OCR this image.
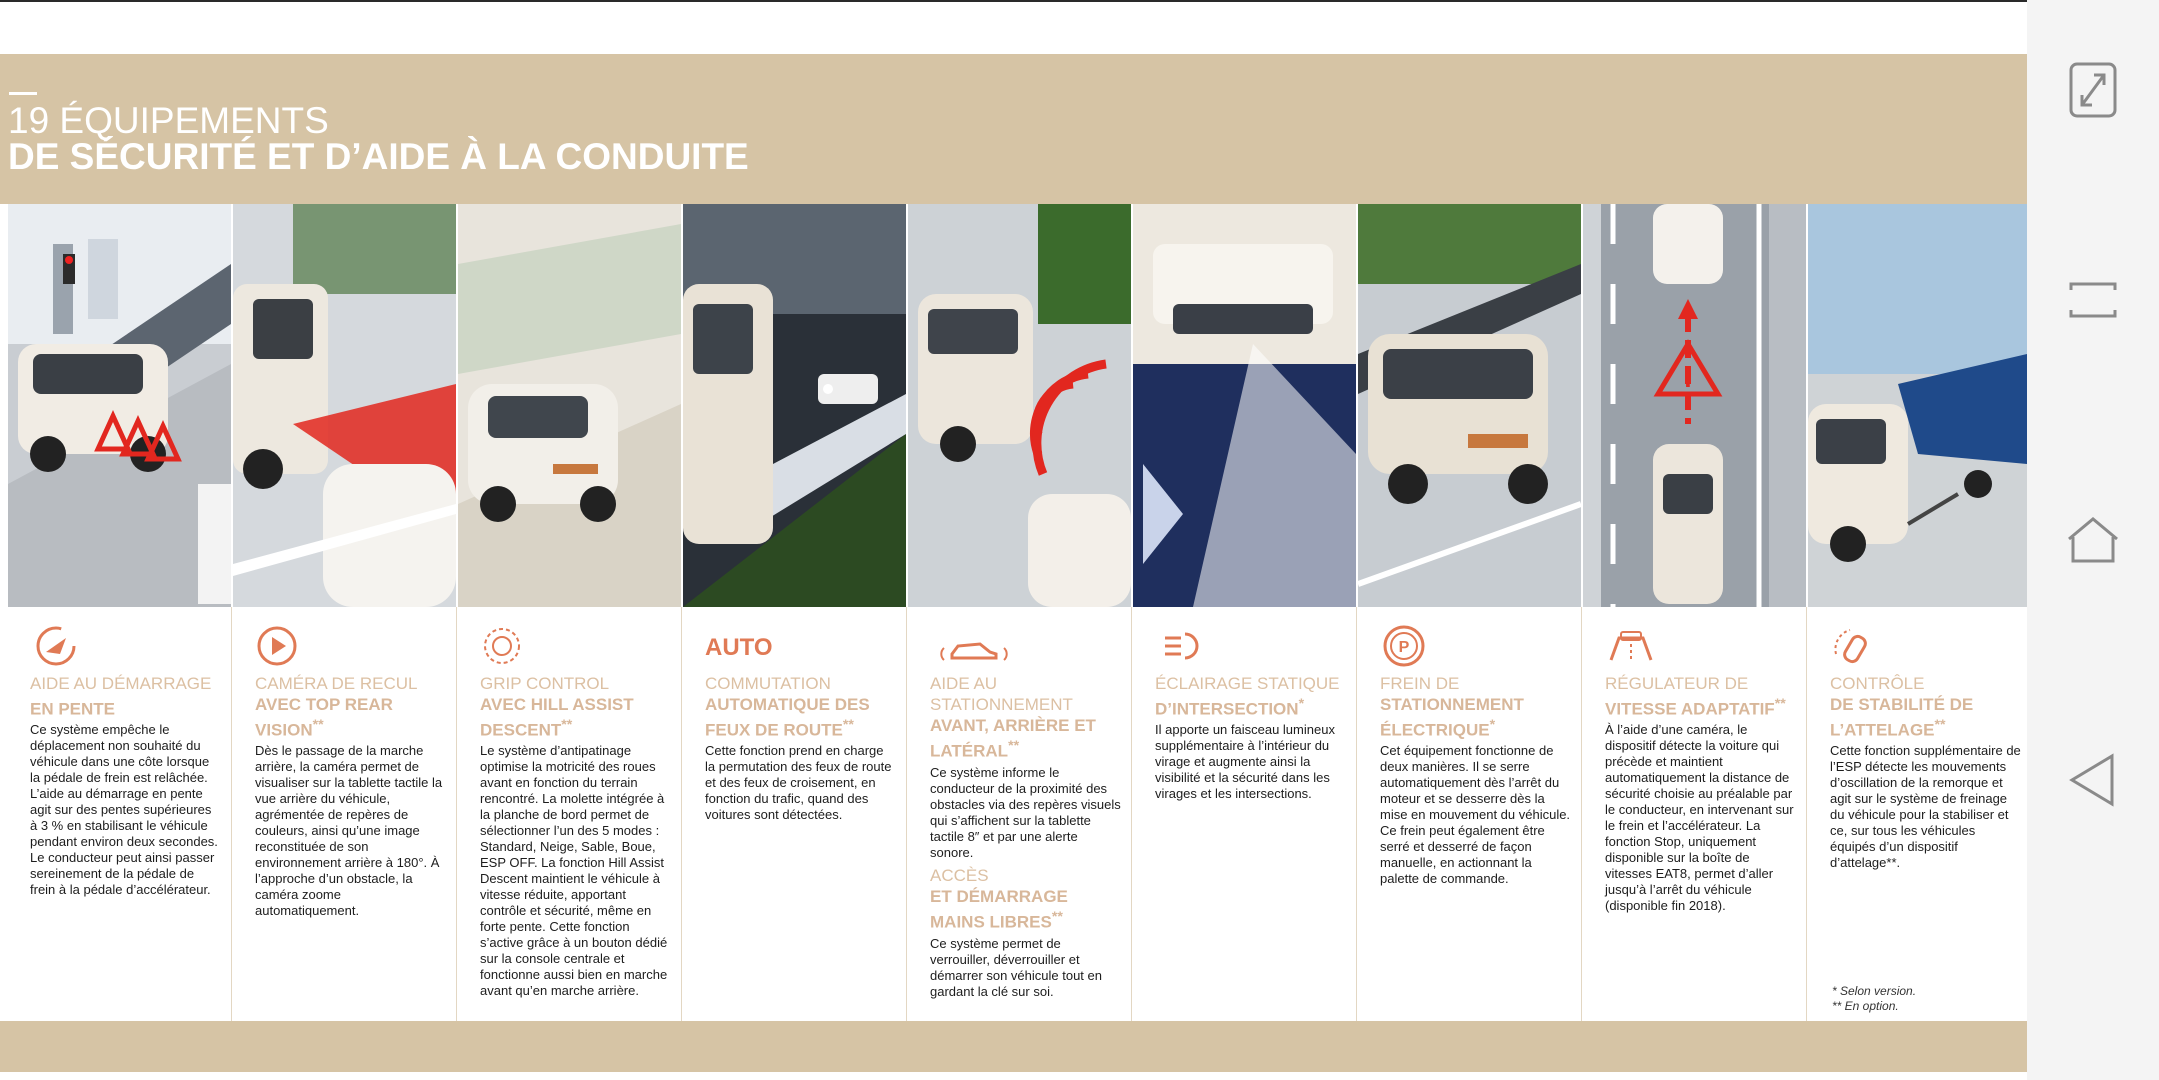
19 ÉQUIPEMENTS
DE SÉCURITÉ ET D’AIDE À LA CONDUITE
AIDE AU DÉMARRAGE
EN PENTE
Ce système empêche le déplacement non souhaité du véhicule dans une côte lorsque la pédale de frein est relâchée. L’aide au démarrage en pente agit sur des pentes supérieures à 3 % en stabilisant le véhicule pendant environ deux secondes. Le conducteur peut ainsi passer sereinement de la pédale de frein à la pédale d’accélérateur.
CAMÉRA DE RECUL
AVEC TOP REAR VISION**
Dès le passage de la marche arrière, la caméra permet de visualiser sur la tablette tactile la vue arrière du véhicule, agrémentée de repères de couleurs, ainsi qu’une image reconstituée de son environnement arrière à 180°. À l’approche d’un obstacle, la caméra zoome automatiquement.
GRIP CONTROL
AVEC HILL ASSIST DESCENT**
Le système d’antipatinage optimise la motricité des roues avant en fonction du terrain rencontré. La molette intégrée à la planche de bord permet de sélectionner l’un des 5 modes : Standard, Neige, Sable, Boue, ESP OFF. La fonction Hill Assist Descent maintient le véhicule à vitesse réduite, apportant contrôle et sécurité, même en forte pente. Cette fonction s’active grâce à un bouton dédié sur la console centrale et fonctionne aussi bien en marche avant qu’en marche arrière.
AUTO
COMMUTATION
AUTOMATIQUE DES FEUX DE ROUTE**
Cette fonction prend en charge la permutation des feux de route et des feux de croisement, en fonction du trafic, quand des voitures sont détectées.
AIDE AU STATIONNEMENT
AVANT, ARRIÈRE ET LATÉRAL**
Ce système informe le conducteur de la proximité des obstacles via des repères visuels qui s’affichent sur la tablette tactile 8″ et par une alerte sonore.
ACCÈS
ET DÉMARRAGE MAINS LIBRES**
Ce système permet de verrouiller, déverrouiller et démarrer son véhicule tout en gardant la clé sur soi.
ÉCLAIRAGE STATIQUE
D’INTERSECTION*
Il apporte un faisceau lumineux supplémentaire à l’intérieur du virage et augmente ainsi la visibilité et la sécurité dans les virages et les intersections.
P
FREIN DE
STATIONNEMENT ÉLECTRIQUE*
Cet équipement fonctionne de deux manières. Il se serre automatiquement dès l’arrêt du moteur et se desserre dès la mise en mouvement du véhicule. Ce frein peut également être serré et desserré de façon manuelle, en actionnant la palette de commande.
!
RÉGULATEUR DE
VITESSE ADAPTATIF**
À l’aide d’une caméra, le dispositif détecte la voiture qui précède et maintient automatiquement la distance de sécurité choisie au préalable par le conducteur, en intervenant sur le frein et l’accélérateur. La fonction Stop, uniquement disponible sur la boîte de vitesses EAT8, permet d’aller jusqu’à l’arrêt du véhicule (disponible fin 2018).
CONTRÔLE
DE STABILITÉ DE L’ATTELAGE**
Cette fonction supplémentaire de l’ESP détecte les mouvements d’oscillation de la remorque et agit sur le système de freinage du véhicule pour la stabiliser et ce, sur tous les véhicules équipés d’un dispositif d’attelage**.
* Selon version.
** En option.
